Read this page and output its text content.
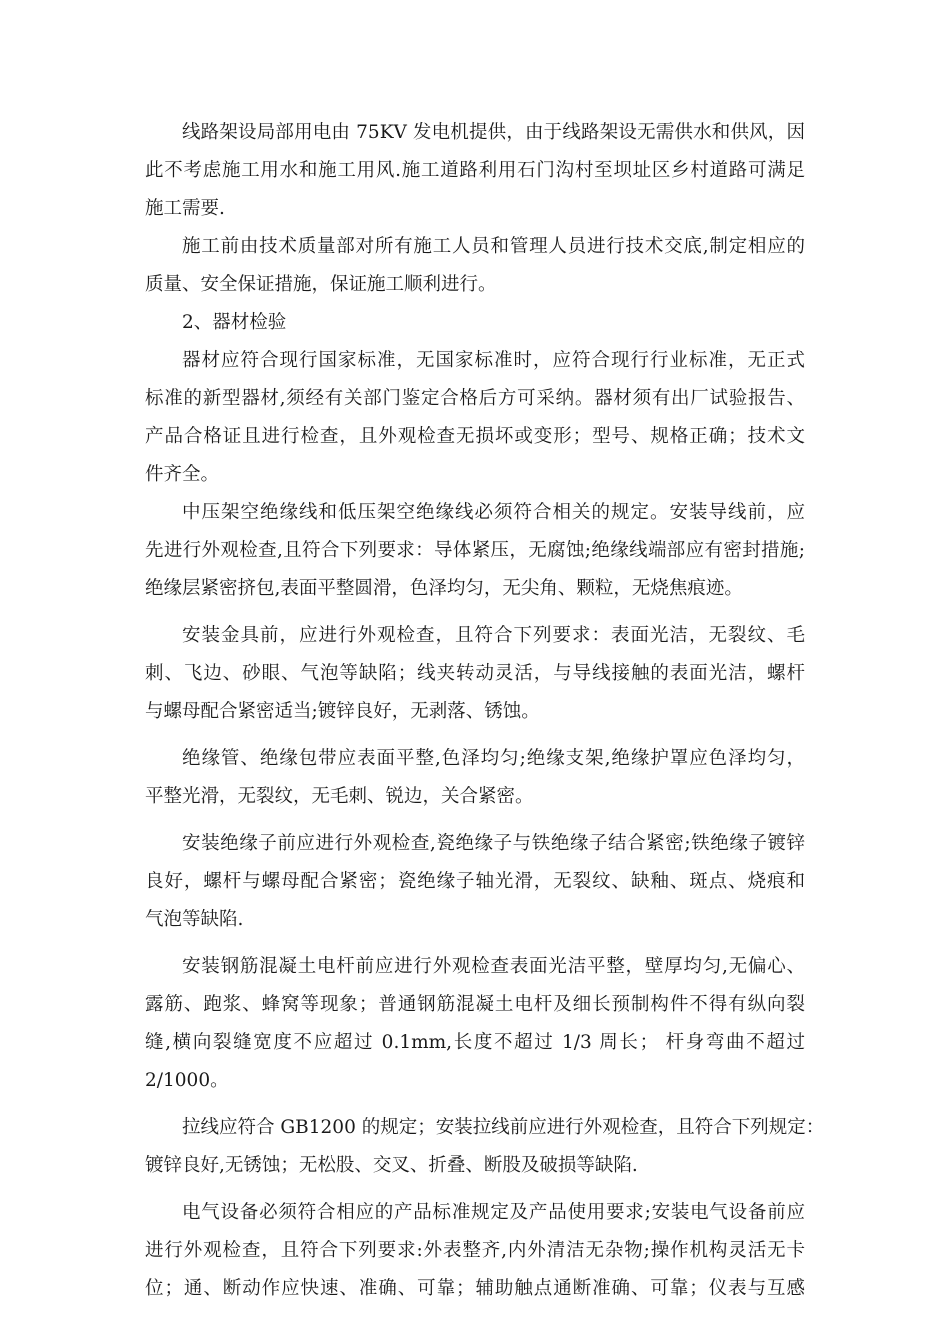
线路架设局部用电由 75KV 发电机提供，由于线路架设无需供水和供风，因
此不考虑施工用水和施工用风.施工道路利用石门沟村至坝址区乡村道路可满足
施工需要.
施工前由技术质量部对所有施工人员和管理人员进行技术交底,制定相应的
质量、安全保证措施，保证施工顺利进行。
2、器材检验
器材应符合现行国家标准，无国家标准时，应符合现行行业标准，无正式
标准的新型器材,须经有关部门鉴定合格后方可采纳。器材须有出厂试验报告、
产品合格证且进行检查，且外观检查无损坏或变形；型号、规格正确；技术文
件齐全。
中压架空绝缘线和低压架空绝缘线必须符合相关的规定。安装导线前，应
先进行外观检查,且符合下列要求：导体紧压，无腐蚀;绝缘线端部应有密封措施;
绝缘层紧密挤包,表面平整圆滑，色泽均匀，无尖角、颗粒，无烧焦痕迹。
安装金具前，应进行外观检查，且符合下列要求：表面光洁，无裂纹、毛
刺、飞边、砂眼、气泡等缺陷；线夹转动灵活，与导线接触的表面光洁，螺杆
与螺母配合紧密适当;镀锌良好，无剥落、锈蚀。
绝缘管、绝缘包带应表面平整,色泽均匀;绝缘支架,绝缘护罩应色泽均匀，
平整光滑，无裂纹，无毛刺、锐边，关合紧密。
安装绝缘子前应进行外观检查,瓷绝缘子与铁绝缘子结合紧密;铁绝缘子镀锌
良好，螺杆与螺母配合紧密；瓷绝缘子轴光滑，无裂纹、缺釉、斑点、烧痕和
气泡等缺陷.
安装钢筋混凝土电杆前应进行外观检查表面光洁平整，壁厚均匀,无偏心、
露筋、跑浆、蜂窝等现象；普通钢筋混凝土电杆及细长预制构件不得有纵向裂
缝,横向裂缝宽度不应超过 0.1mm,长度不超过 1/3 周长； 杆身弯曲不超过
2/1000。
拉线应符合 GB1200 的规定；安装拉线前应进行外观检查，且符合下列规定：
镀锌良好,无锈蚀；无松股、交叉、折叠、断股及破损等缺陷.
电气设备必须符合相应的产品标准规定及产品使用要求;安装电气设备前应
进行外观检查，且符合下列要求:外表整齐,内外清洁无杂物;操作机构灵活无卡
位；通、断动作应快速、准确、可靠；辅助触点通断准确、可靠；仪表与互感
